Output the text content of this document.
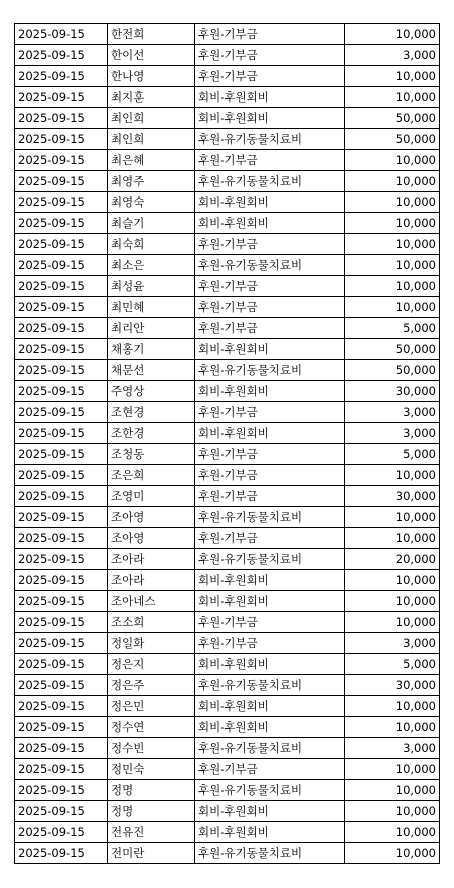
2025-09-15	한전희	후원-기부금	10,000
2025-09-15	한이선	후원-기부금	3,000
2025-09-15	한나영	후원-기부금	10,000
2025-09-15	최지훈	회비-후원회비	10,000
2025-09-15	최인희	회비-후원회비	50,000
2025-09-15	최인희	후원-유기동물치료비	50,000
2025-09-15	최은혜	후원-기부금	10,000
2025-09-15	최영주	후원-유기동물치료비	10,000
2025-09-15	최영숙	회비-후원회비	10,000
2025-09-15	최슬기	회비-후원회비	10,000
2025-09-15	최숙희	후원-기부금	10,000
2025-09-15	최소은	후원-유기동물치료비	10,000
2025-09-15	최성윤	후원-기부금	10,000
2025-09-15	최민혜	후원-기부금	10,000
2025-09-15	최리안	후원-기부금	5,000
2025-09-15	채홍기	회비-후원회비	50,000
2025-09-15	채문선	후원-유기동물치료비	50,000
2025-09-15	주영상	회비-후원회비	30,000
2025-09-15	조현경	후원-기부금	3,000
2025-09-15	조한경	회비-후원회비	3,000
2025-09-15	조청동	후원-기부금	5,000
2025-09-15	조은희	후원-기부금	10,000
2025-09-15	조영미	후원-기부금	30,000
2025-09-15	조아영	후원-유기동물치료비	10,000
2025-09-15	조아영	후원-기부금	10,000
2025-09-15	조아라	후원-유기동물치료비	20,000
2025-09-15	조아라	회비-후원회비	10,000
2025-09-15	조아네스	회비-후원회비	10,000
2025-09-15	조소희	후원-기부금	10,000
2025-09-15	정일화	후원-기부금	3,000
2025-09-15	정은지	회비-후원회비	5,000
2025-09-15	정은주	후원-유기동물치료비	30,000
2025-09-15	정은민	회비-후원회비	10,000
2025-09-15	정수연	회비-후원회비	10,000
2025-09-15	정수빈	후원-유기동물치료비	3,000
2025-09-15	정민숙	후원-기부금	10,000
2025-09-15	정명	후원-유기동물치료비	10,000
2025-09-15	정명	회비-후원회비	10,000
2025-09-15	전유진	회비-후원회비	10,000
2025-09-15	전미란	후원-유기동물치료비	10,000
